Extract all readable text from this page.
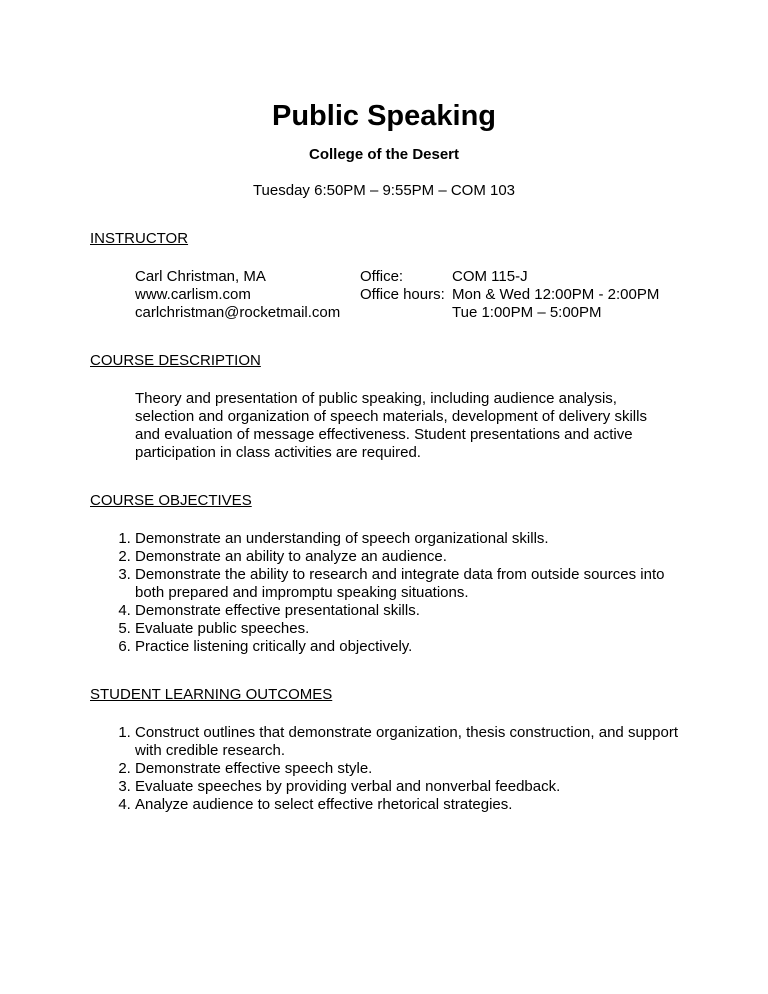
Public Speaking
College of the Desert
Tuesday 6:50PM – 9:55PM – COM 103
INSTRUCTOR
Carl Christman, MA
www.carlism.com
carlchristman@rocketmail.com
Office:	COM 115-J
Office hours: Mon & Wed 12:00PM - 2:00PM
Tue 1:00PM – 5:00PM
COURSE DESCRIPTION

Theory and presentation of public speaking, including audience analysis, selection and organization of speech materials, development of delivery skills and evaluation of message effectiveness. Student presentations and active participation in class activities are required.

COURSE OBJECTIVES
1. Demonstrate an understanding of speech organizational skills.
2. Demonstrate an ability to analyze an audience.
3. Demonstrate the ability to research and integrate data from outside sources into both prepared and impromptu speaking situations.
4. Demonstrate effective presentational skills.
5. Evaluate public speeches.
6. Practice listening critically and objectively.
STUDENT LEARNING OUTCOMES
1. Construct outlines that demonstrate organization, thesis construction, and support with credible research.
2. Demonstrate effective speech style.
3. Evaluate speeches by providing verbal and nonverbal feedback.
4. Analyze audience to select effective rhetorical strategies.
